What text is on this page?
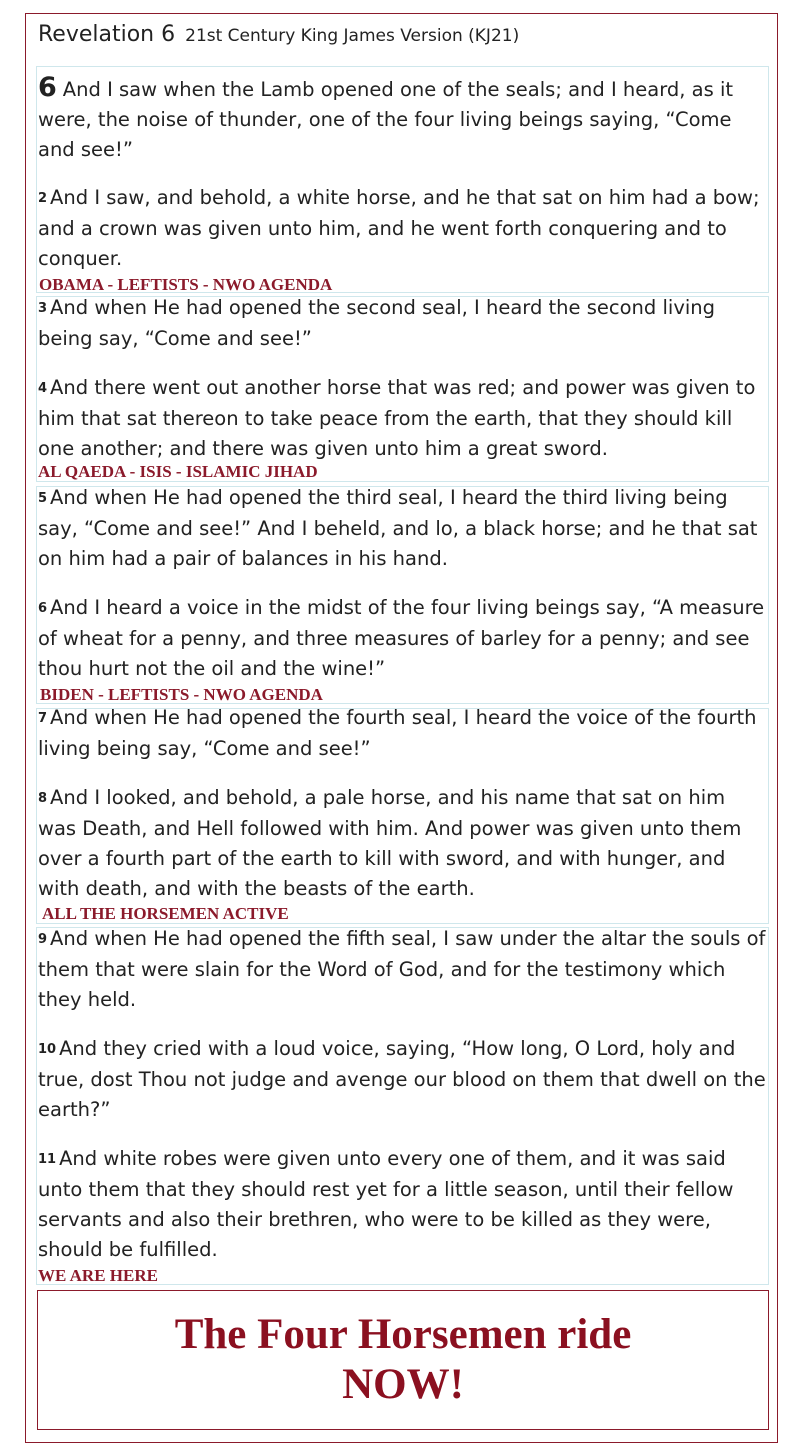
Revelation 6 21st Century King James Version (KJ21)
6 And I saw when the Lamb opened one of the seals; and I heard, as it were, the noise of thunder, one of the four living beings saying, “Come and see!”
2 And I saw, and behold, a white horse, and he that sat on him had a bow; and a crown was given unto him, and he went forth conquering and to conquer.
OBAMA - LEFTISTS - NWO AGENDA
3 And when He had opened the second seal, I heard the second living being say, “Come and see!”
4 And there went out another horse that was red; and power was given to him that sat thereon to take peace from the earth, that they should kill one another; and there was given unto him a great sword.
AL QAEDA - ISIS - ISLAMIC JIHAD
5 And when He had opened the third seal, I heard the third living being say, “Come and see!” And I beheld, and lo, a black horse; and he that sat on him had a pair of balances in his hand.
6 And I heard a voice in the midst of the four living beings say, “A measure of wheat for a penny, and three measures of barley for a penny; and see thou hurt not the oil and the wine!”
BIDEN - LEFTISTS - NWO AGENDA
7 And when He had opened the fourth seal, I heard the voice of the fourth living being say, “Come and see!”
8 And I looked, and behold, a pale horse, and his name that sat on him was Death, and Hell followed with him. And power was given unto them over a fourth part of the earth to kill with sword, and with hunger, and with death, and with the beasts of the earth.
ALL THE HORSEMEN ACTIVE
9 And when He had opened the fifth seal, I saw under the altar the souls of them that were slain for the Word of God, and for the testimony which they held.
10 And they cried with a loud voice, saying, “How long, O Lord, holy and true, dost Thou not judge and avenge our blood on them that dwell on the earth?”
11 And white robes were given unto every one of them, and it was said unto them that they should rest yet for a little season, until their fellow servants and also their brethren, who were to be killed as they were, should be fulfilled.
WE ARE HERE
The Four Horsemen ride
NOW!
